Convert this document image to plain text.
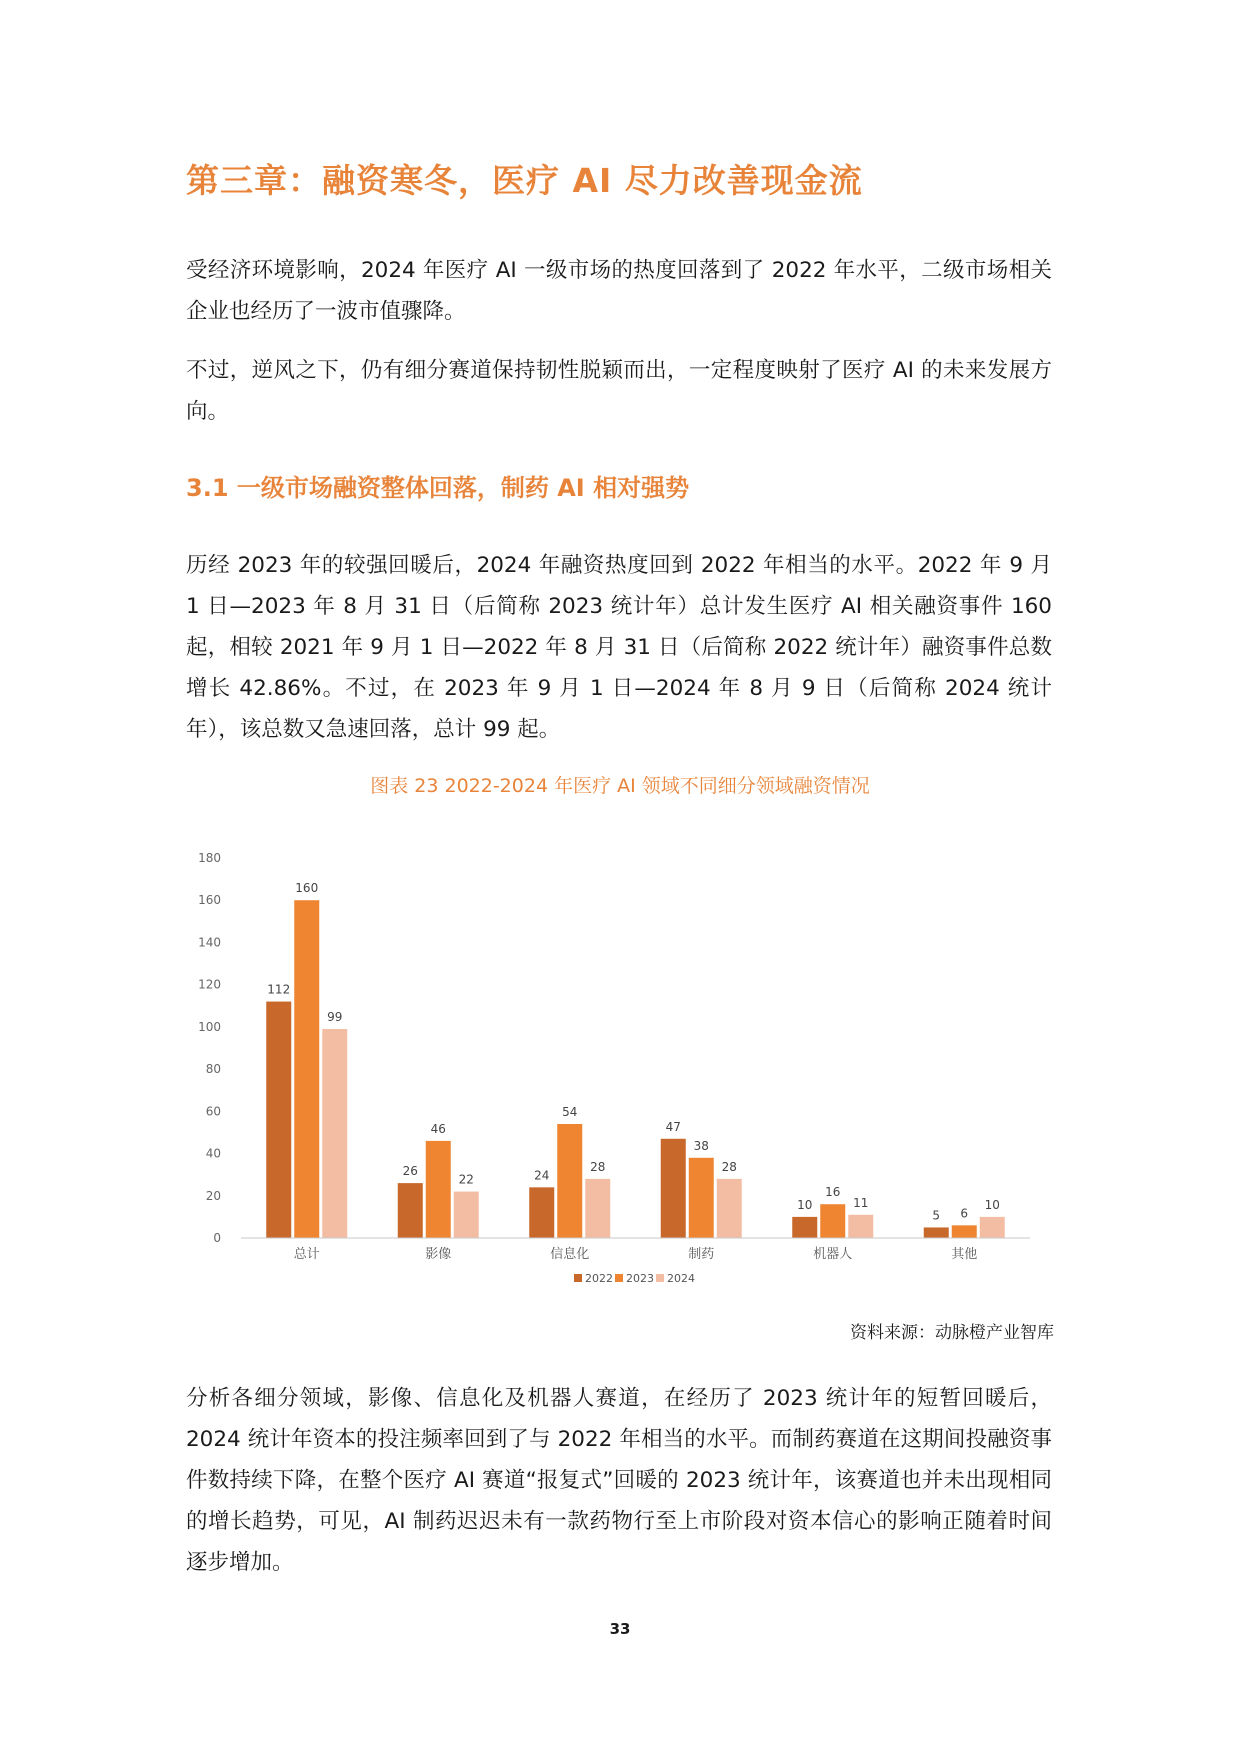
第三章：融资寒冬，医疗 AI 尽力改善现金流

受经济环境影响，2024 年医疗 AI 一级市场的热度回落到了 2022 年水平，二级市场相关企业也经历了一波市值骤降。

不过，逆风之下，仍有细分赛道保持韧性脱颖而出，一定程度映射了医疗 AI 的未来发展方向。

3.1 一级市场融资整体回落，制药 AI 相对强势

历经 2023 年的较强回暖后，2024 年融资热度回到 2022 年相当的水平。2022 年 9 月 1 日—2023 年 8 月 31 日（后简称 2023 统计年）总计发生医疗 AI 相关融资事件 160 起，相较 2021 年 9 月 1 日—2022 年 8 月 31 日（后简称 2022 统计年）融资事件总数增长 42.86%。不过，在 2023 年 9 月 1 日—2024 年 8 月 9 日（后简称 2024 统计年），该总数又急速回落，总计 99 起。

图表 23 2022-2024 年医疗 AI 领域不同细分领域融资情况

0
20
40
60
80
100
120
140
160
180
112
160
99
26
46
22	24
54
28
47
38
28
10
16
11
5 6
10
总计	影像	信息化	制药	机器人	其他
2022 2023 2024

资料来源：动脉橙产业智库

分析各细分领域，影像、信息化及机器人赛道，在经历了 2023 统计年的短暂回暖后，2024 统计年资本的投注频率回到了与 2022 年相当的水平。而制药赛道在这期间投融资事件数持续下降，在整个医疗 AI 赛道“报复式”回暖的 2023 统计年，该赛道也并未出现相同的增长趋势，可见，AI 制药迟迟未有一款药物行至上市阶段对资本信心的影响正随着时间逐步增加。

33
